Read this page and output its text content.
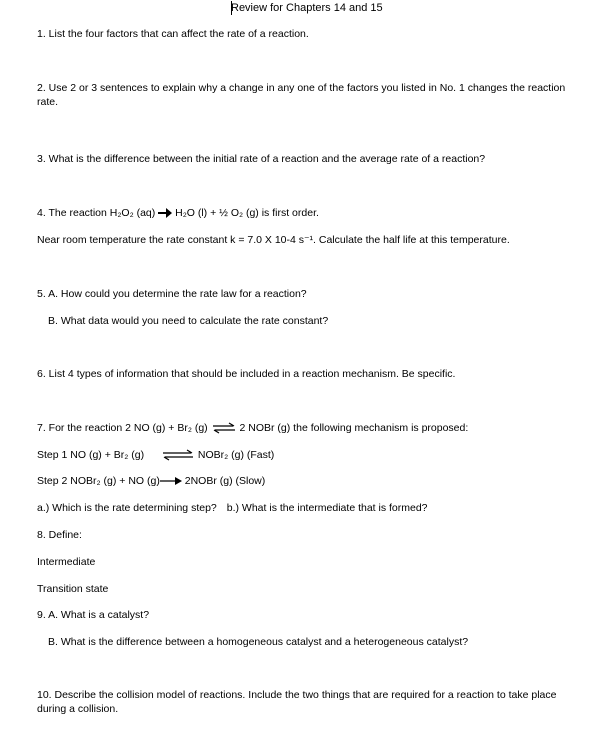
Review for Chapters 14 and 15
1. List the four factors that can affect the rate of a reaction.
2. Use 2 or 3 sentences to explain why a change in any one of the factors you listed in No. 1 changes the reaction rate.
3. What is the difference between the initial rate of a reaction and the average rate of a reaction?
4. The reaction H₂O₂ (aq) → H₂O (l) + ½ O₂ (g) is first order.
Near room temperature the rate constant k = 7.0 X 10-4 s⁻¹. Calculate the half life at this temperature.
5. A. How could you determine the rate law for a reaction?
B. What data would you need to calculate the rate constant?
6. List 4 types of information that should be included in a reaction mechanism. Be specific.
7. For the reaction 2 NO (g) + Br₂ (g) ⇌ 2 NOBr (g) the following mechanism is proposed:
Step 1 NO (g) + Br₂ (g) ⇌ NOBr₂ (g) (Fast)
Step 2 NOBr₂ (g) + NO (g)→ 2NOBr (g) (Slow)
a.) Which is the rate determining step? b.) What is the intermediate that is formed?
8. Define:
Intermediate
Transition state
9. A. What is a catalyst?
B. What is the difference between a homogeneous catalyst and a heterogeneous catalyst?
10. Describe the collision model of reactions. Include the two things that are required for a reaction to take place during a collision.
